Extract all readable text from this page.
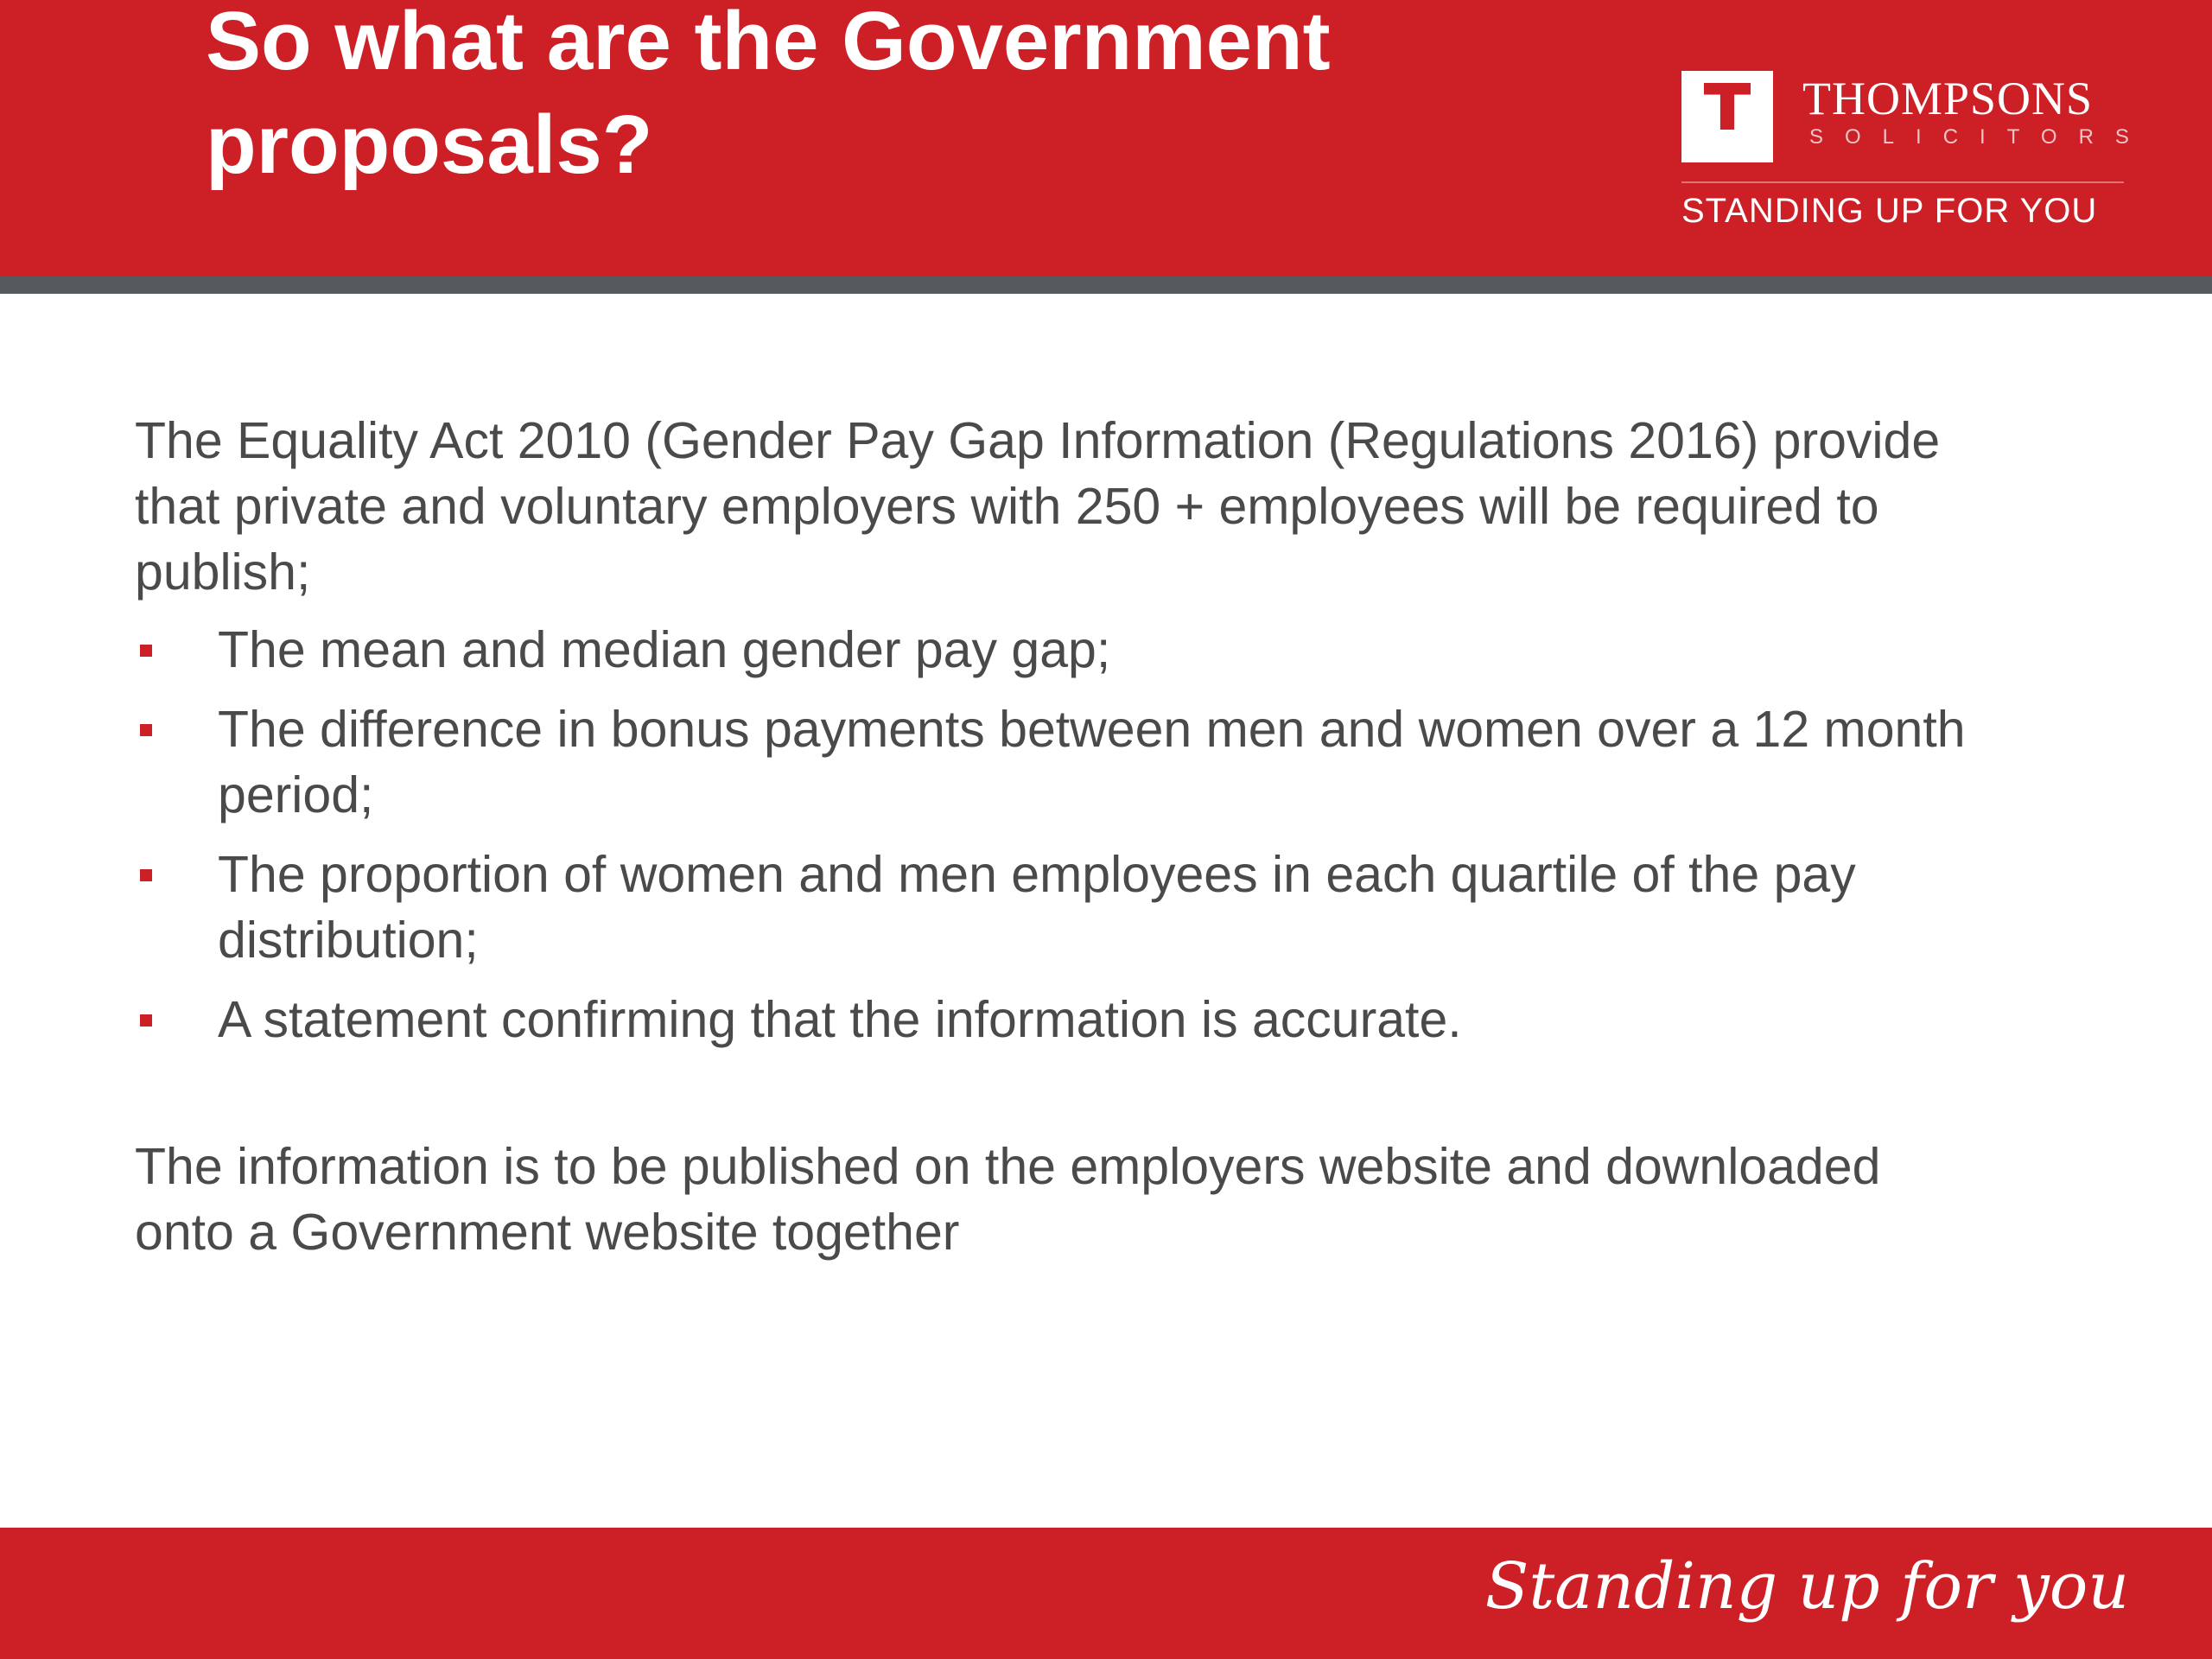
So what are the Government
proposals?	THOMPSONS
SOLICITORS
STANDING UP FOR YOU

The Equality Act 2010 (Gender Pay Gap Information (Regulations 2016) provide that private and voluntary employers with 250 + employees will be required to publish;

The mean and median gender pay gap;
The difference in bonus payments between men and women over a 12 month period;
The proportion of women and men employees in each quartile of the pay distribution;
A statement confirming that the information is accurate.

The information is to be published on the employers website and downloaded onto a Government website together

Standing up for you
